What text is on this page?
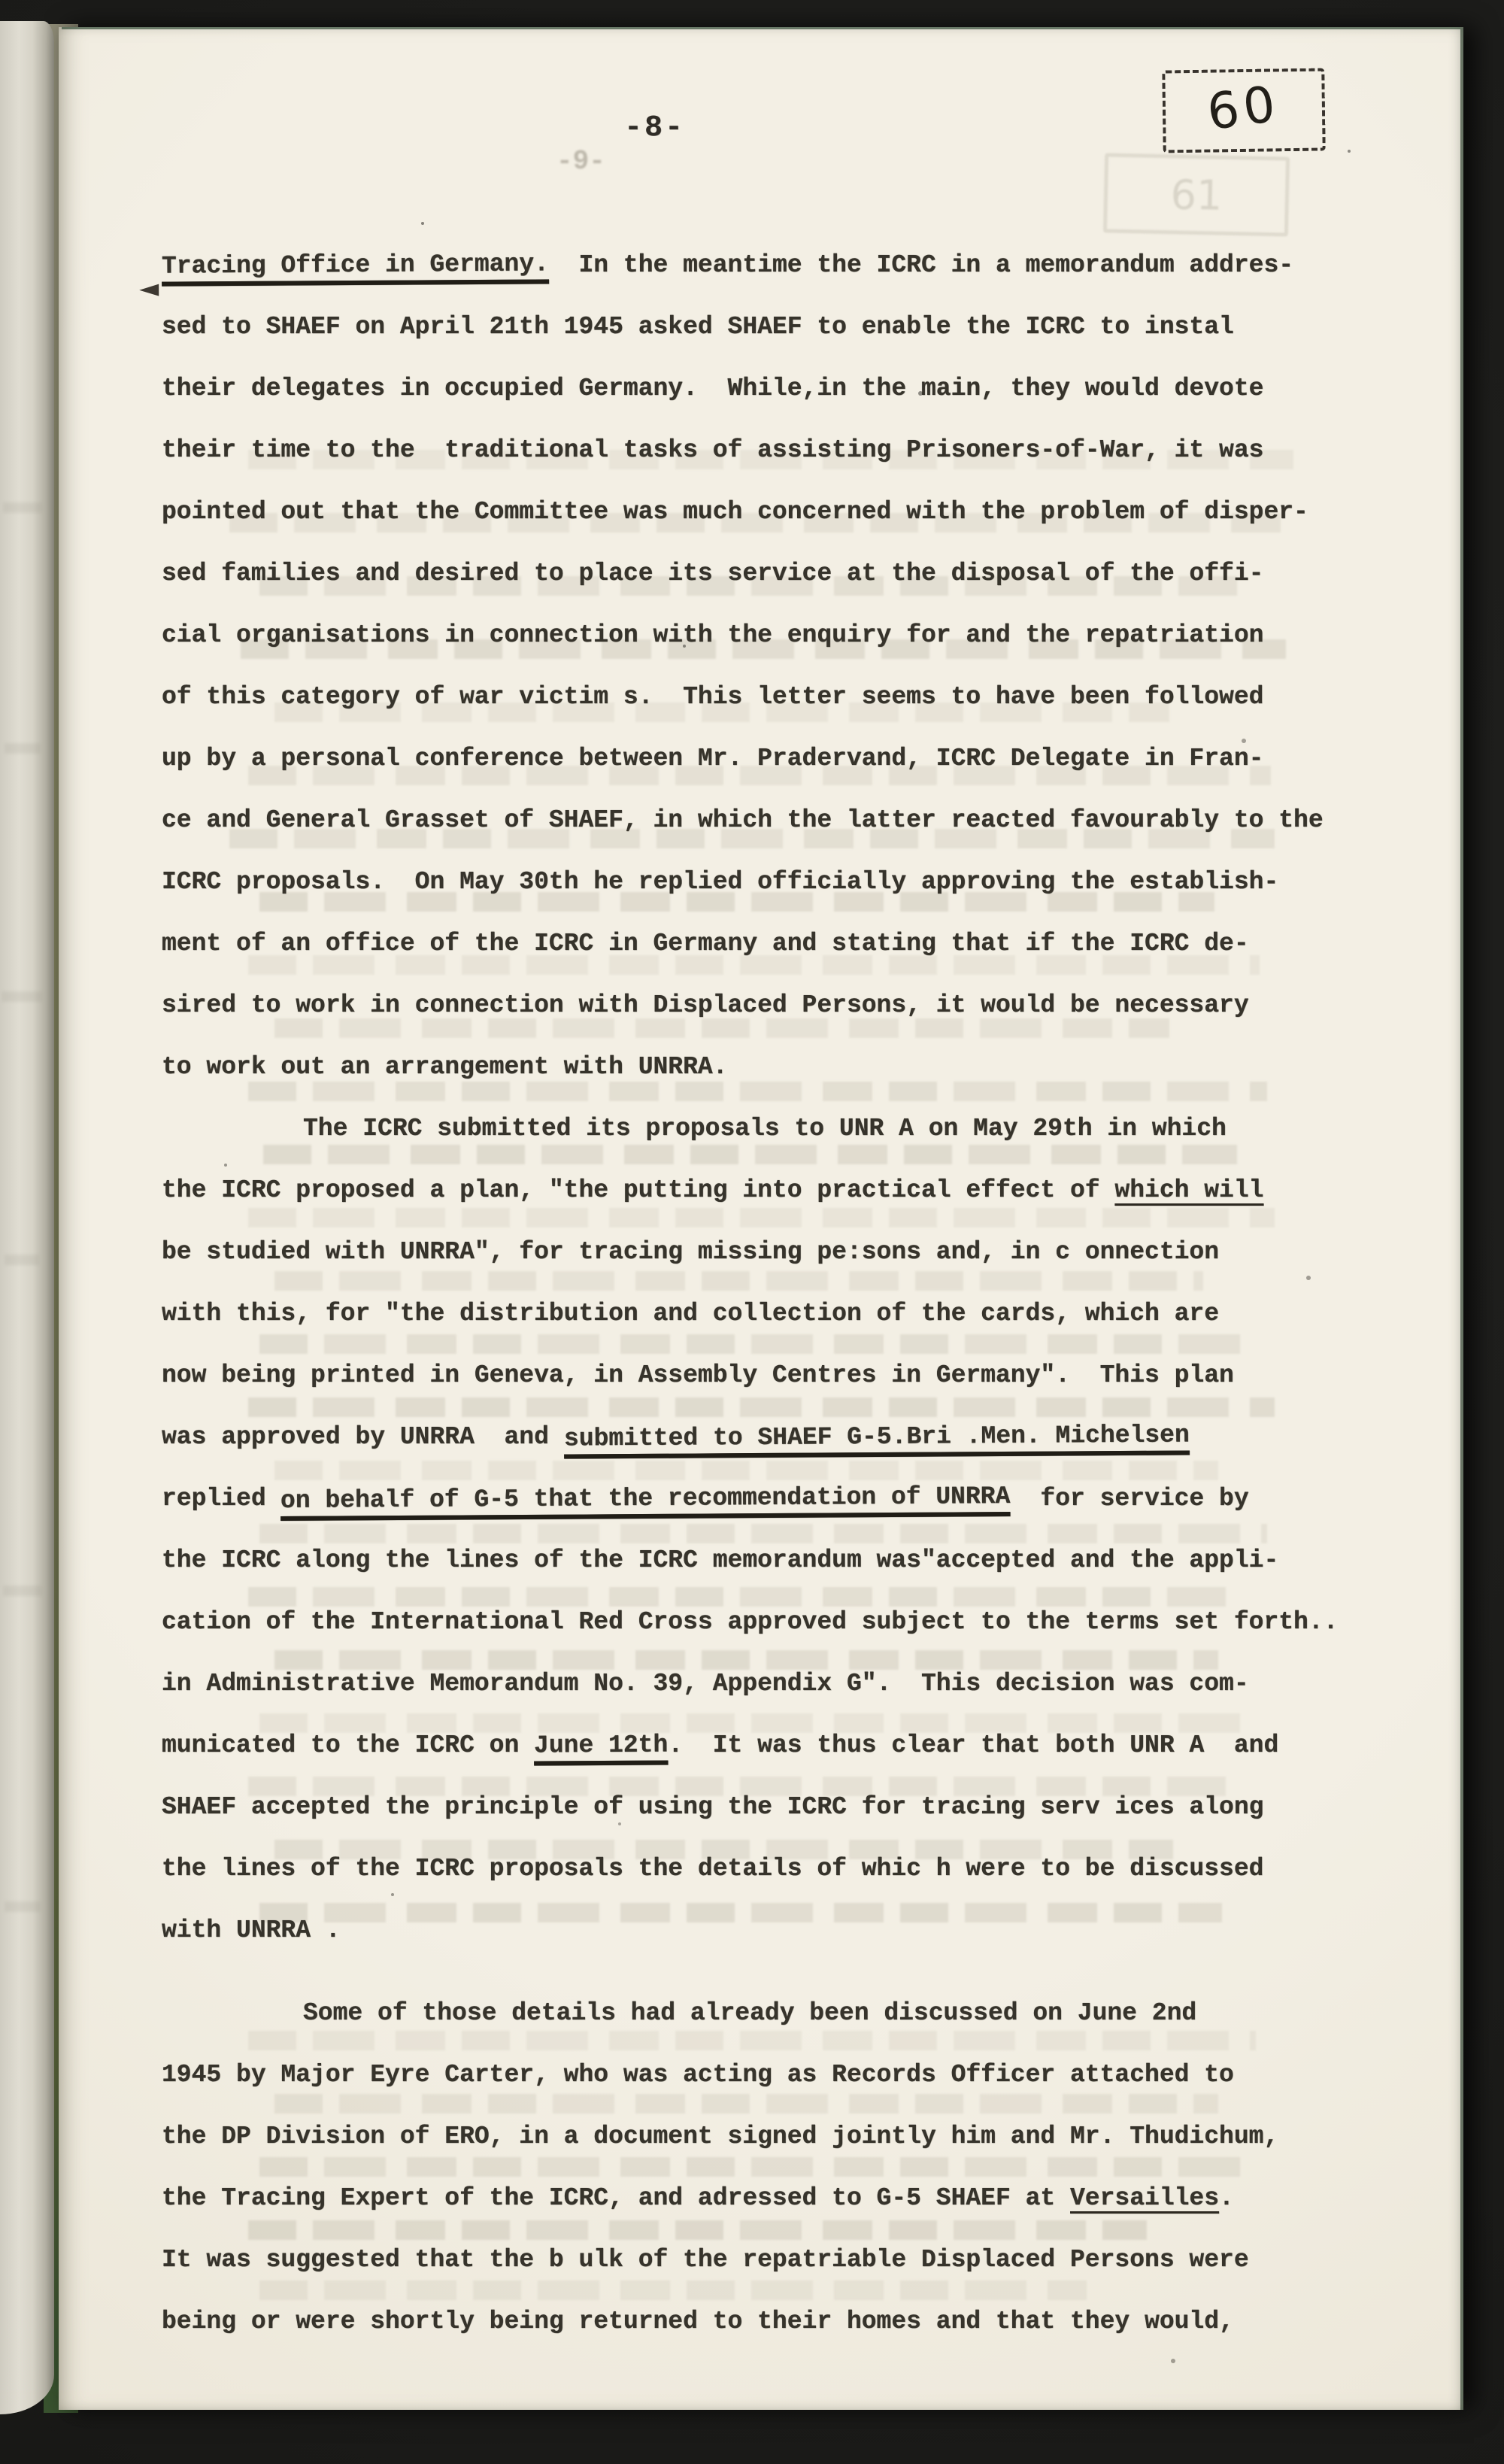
60
61
-8-
-9-
Tracing Office in Germany.  In the meantime the ICRC in a memorandum addres-
sed to SHAEF on April 21th 1945 asked SHAEF to enable the ICRC to instal
their delegates in occupied Germany.  While,in the main, they would devote
their time to the  traditional tasks of assisting Prisoners-of-War, it was
pointed out that the Committee was much concerned with the problem of disper-
sed families and desired to place its service at the disposal of the offi-
cial organisations in connection with the enquiry for and the repatriation
of this category of war victim s.  This letter seems to have been followed
up by a personal conference between Mr. Pradervand, ICRC Delegate in Fran-
ce and General Grasset of SHAEF, in which the latter reacted favourably to the
ICRC proposals.  On May 30th he replied officially approving the establish-
ment of an office of the ICRC in Germany and stating that if the ICRC de-
sired to work in connection with Displaced Persons, it would be necessary
to work out an arrangement with UNRRA.
The ICRC submitted its proposals to UNR A on May 29th in which
the ICRC proposed a plan, "the putting into practical effect of which will
be studied with UNRRA", for tracing missing pe:sons and, in c onnection
with this, for "the distribution and collection of the cards, which are
now being printed in Geneva, in Assembly Centres in Germany".  This plan
was approved by UNRRA  and submitted to SHAEF G-5.Bri .Men. Michelsen
replied on behalf of G-5 that the recommendation of UNRRA  for service by
the ICRC along the lines of the ICRC memorandum was"accepted and the appli-
cation of the International Red Cross approved subject to the terms set forth..
in Administrative Memorandum No. 39, Appendix G".  This decision was com-
municated to the ICRC on June 12th.  It was thus clear that both UNR A  and
SHAEF accepted the principle of using the ICRC for tracing serv ices along
the lines of the ICRC proposals the details of whic h were to be discussed
with UNRRA .
Some of those details had already been discussed on June 2nd
1945 by Major Eyre Carter, who was acting as Records Officer attached to
the DP Division of ERO, in a document signed jointly him and Mr. Thudichum,
the Tracing Expert of the ICRC, and adressed to G-5 SHAEF at Versailles.
It was suggested that the b ulk of the repatriable Displaced Persons were
being or were shortly being returned to their homes and that they would,
